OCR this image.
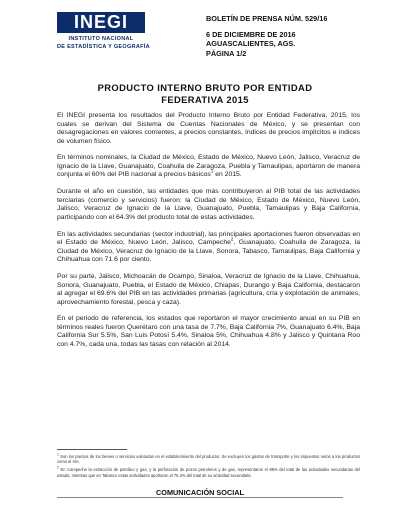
INEGI
INSTITUTO NACIONAL
DE ESTADÍSTICA Y GEOGRAFÍA
BOLETÍN DE PRENSA NÚM. 529/16
6 DE DICIEMBRE DE 2016
AGUASCALIENTES, AGS.
PÁGINA 1/2
PRODUCTO INTERNO BRUTO POR ENTIDAD
FEDERATIVA 2015

El INEGI presenta los resultados del Producto Interno Bruto por Entidad Federativa, 2015, los cuales se derivan del Sistema de Cuentas Nacionales de México, y se presentan con desagregaciones en valores corrientes, a precios constantes, índices de precios implícitos e índices de volumen físico.

En términos nominales, la Ciudad de México, Estado de México, Nuevo León, Jalisco, Veracruz de Ignacio de la Llave, Guanajuato, Coahuila de Zaragoza, Puebla y Tamaulipas, aportaron de manera conjunta el 60% del PIB nacional a precios básicos$^1$ en 2015.

Durante el año en cuestión, las entidades que más contribuyeron al PIB total de las actividades terciarias (comercio y servicios) fueron: la Ciudad de México, Estado de México, Nuevo León, Jalisco, Veracruz de Ignacio de la Llave, Guanajuato, Puebla, Tamaulipas y Baja California, participando con el 64.3% del producto total de estas actividades.

En las actividades secundarias (sector industrial), las principales aportaciones fueron observadas en el Estado de México, Nuevo León, Jalisco, Campeche$^2$, Guanajuato, Coahuila de Zaragoza, la Ciudad de México, Veracruz de Ignacio de la Llave, Sonora, Tabasco, Tamaulipas, Baja California y Chihuahua con 71.6 por ciento.

Por su parte, Jalisco, Michoacán de Ocampo, Sinaloa, Veracruz de Ignacio de la Llave, Chihuahua, Sonora, Guanajuato, Puebla, el Estado de México, Chiapas, Durango y Baja California, destacaron al agregar el 69.6% del PIB en las actividades primarias (agricultura, cría y explotación de animales, aprovechamiento forestal, pesca y caza).

En el periodo de referencia, los estados que reportaron el mayor crecimiento anual en su PIB en términos reales fueron Querétaro con una tasa de 7.7%, Baja California 7%, Guanajuato 6.4%, Baja California Sur 5.5%, San Luis Potosí 5.4%, Sinaloa 5%, Chihuahua 4.8% y Jalisco y Quintana Roo con 4.7%, cada una, todas las tasas con relación al 2014.

$^1$ Son los precios de los bienes o servicios valorados en el establecimiento del productor. Se excluyen los gastos de transporte y los impuestos netos a los productos como el IVA.
$^2$ En Campeche la extracción de petróleo y gas, y la perforación de pozos petroleros y de gas, representaron el 85% del total de las actividades secundarias del estado; mientras que en Tabasco estas actividades aportaron el 76.3% del total de su actividad secundaria.
COMUNICACIÓN SOCIAL
